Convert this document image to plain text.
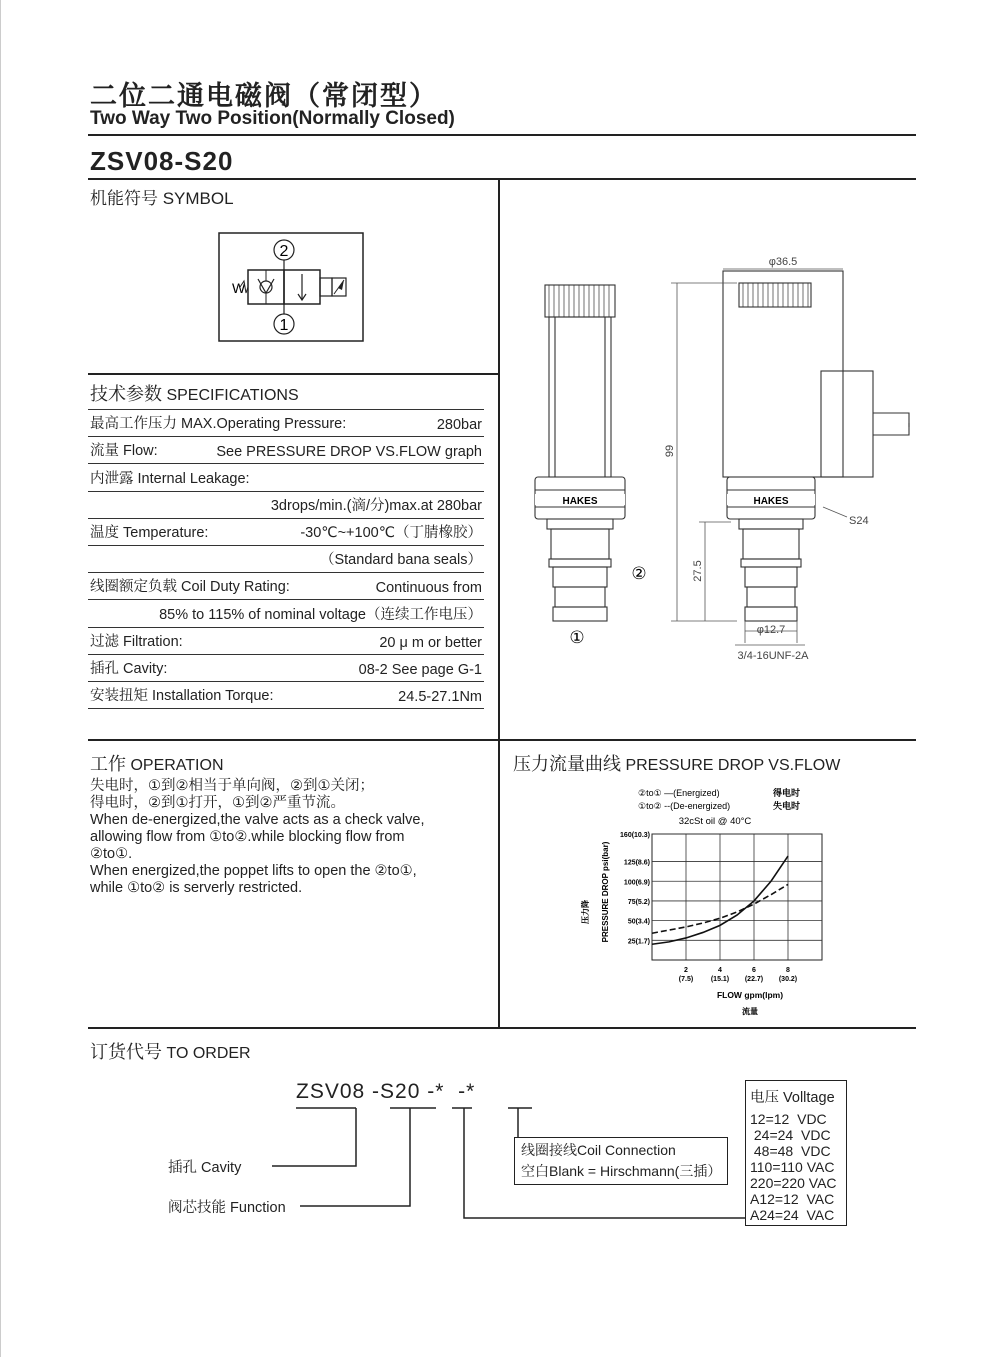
二位二通电磁阀（常闭型）
Two Way Two Position(Normally Closed)
ZSV08-S20
机能符号 SYMBOL
2
1
W
技术参数 SPECIFICATIONS
最高工作压力 MAX.Operating Pressure:	280bar
流量 Flow:	See PRESSURE DROP VS.FLOW graph
内泄露 Internal Leakage:
3drops/min.(滴/分)max.at 280bar
温度 Temperature:	-30℃~+100℃（丁腈橡胶）
（Standard bana seals）
线圈额定负载 Coil Duty Rating:	Continuous from
85% to 115% of nominal voltage（连续工作电压）
过滤 Filtration:	20 μ m or better
插孔 Cavity:	08-2 See page G-1
安装扭矩 Installation Torque:	24.5-27.1Nm
HAKES
①
②
HAKES
φ36.5
99
27.5
S24
φ12.7
3/4-16UNF-2A
工作 OPERATION
失电时，①到②相当于单向阀，②到①关闭；
得电时，②到①打开，①到②严重节流。
When de-energized,the valve acts as a check valve,
allowing flow from ①to②.while blocking flow from
②to①.
When energized,the poppet lifts to open the ②to①,
while ①to② is serverly restricted.
压力流量曲线 PRESSURE DROP VS.FLOW
②to① —(Energized)	得电时
①to② --(De-energized)	失电时
32cSt oil @ 40°C
2
(7.5)
4
(15.1)
6
(22.7)
8
(30.2)
25(1.7)
50(3.4)
75(5.2)
100(6.9)
125(8.6)
160(10.3)
压力降 PRESSURE DROP psi(bar)
FLOW gpm(lpm)
流量
订货代号 TO ORDER
ZSV08 -S20 -* -*
插孔 Cavity
阀芯技能 Function
线圈接线Coil Connection
空白Blank = Hirschmann(三插）
电压 Volltage
12=12  VDC
24=24  VDC
48=48  VDC
110=110 VAC
220=220 VAC
A12=12  VAC
A24=24  VAC
